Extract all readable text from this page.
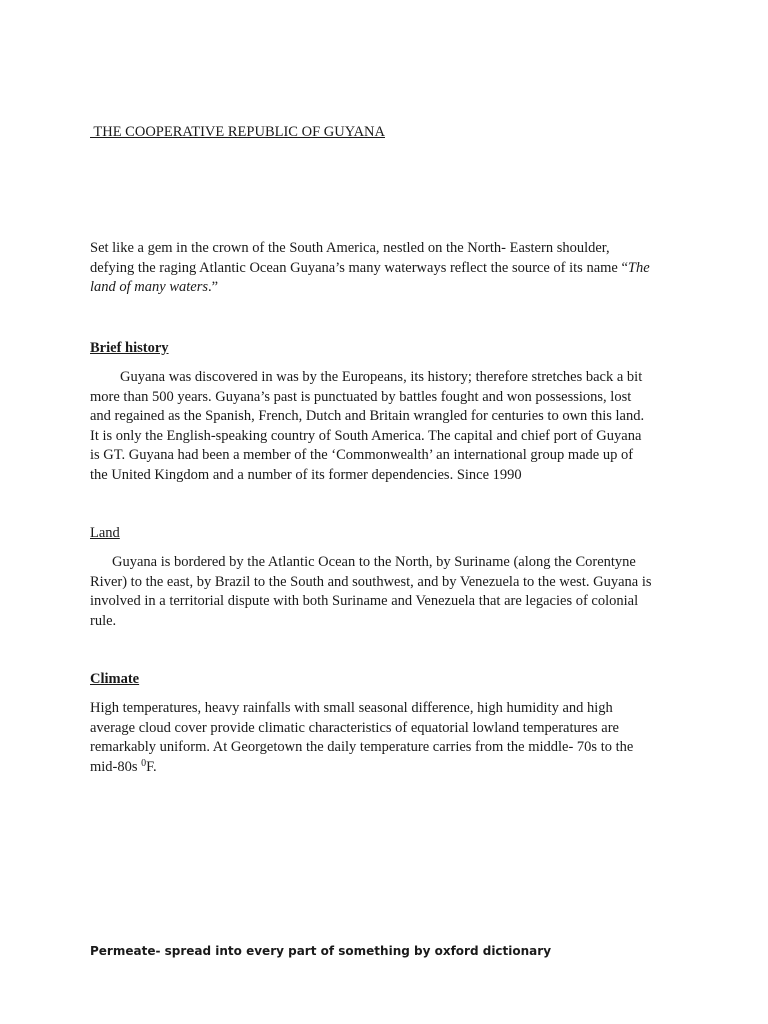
THE COOPERATIVE REPUBLIC OF GUYANA
Set like a gem in the crown of the South America, nestled on the North- Eastern shoulder,
defying the raging Atlantic Ocean Guyana’s many waterways reflect the source of its name “The
land of many waters.”
Brief history
Guyana was discovered in was by the Europeans, its history; therefore stretches back a bit
more than 500 years. Guyana’s past is punctuated by battles fought and won possessions, lost
and regained as the Spanish, French, Dutch and Britain wrangled for centuries to own this land.
It is only the English-speaking country of South America. The capital and chief port of Guyana
is GT. Guyana had been a member of the ‘Commonwealth’ an international group made up of
the United Kingdom and a number of its former dependencies. Since 1990
Land
Guyana is bordered by the Atlantic Ocean to the North, by Suriname (along the Corentyne
River) to the east, by Brazil to the South and southwest, and by Venezuela to the west. Guyana is
involved in a territorial dispute with both Suriname and Venezuela that are legacies of colonial
rule.
Climate
High temperatures, heavy rainfalls with small seasonal difference, high humidity and high
average cloud cover provide climatic characteristics of equatorial lowland temperatures are
remarkably uniform. At Georgetown the daily temperature carries from the middle- 70s to the
mid-80s $^0$F.
Permeate- spread into every part of something by oxford dictionary
